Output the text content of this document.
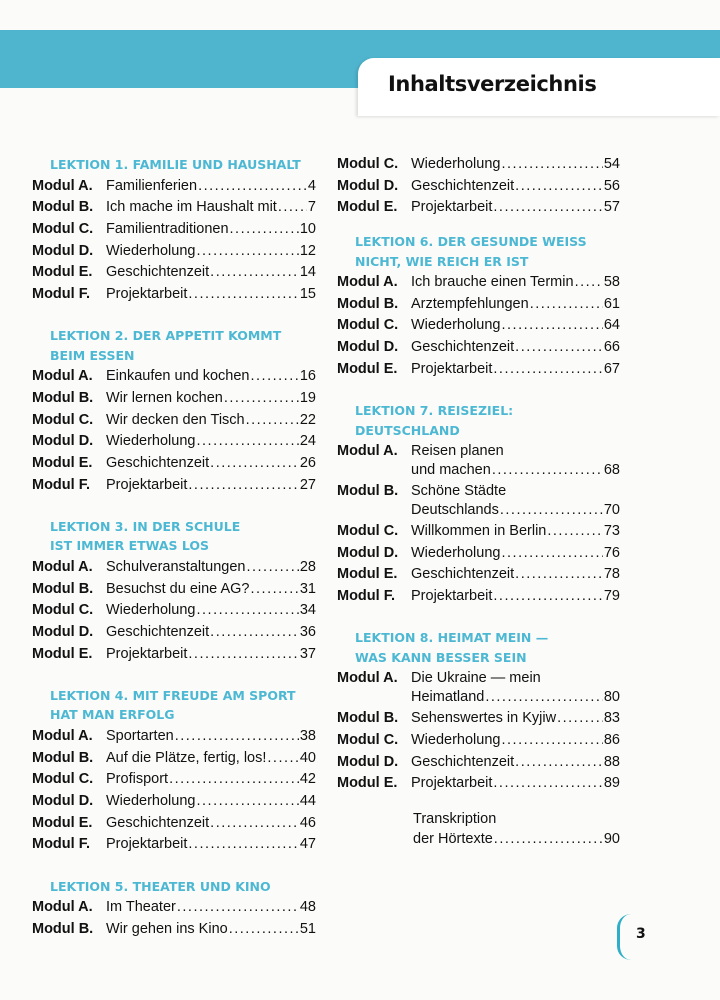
Inhaltsverzeichnis
LEKTION 1. FAMILIE UND HAUSHALT
Modul A. Familienferien .....	4
Modul B. Ich mache im Haushalt mit ..... 7
Modul C. Familientraditionen .....	10
Modul D. Wiederholung .....	12
Modul E. Geschichtenzeit .....	14
Modul F.	Projektarbeit .....	15
LEKTION 2. DER APPETIT KOMMT
BEIM ESSEN
Modul A. Einkaufen und kochen .....	16
Modul B. Wir lernen kochen .....	19
Modul C. Wir decken den Tisch .....	22
Modul D. Wiederholung .....	24
Modul E. Geschichtenzeit .....	26
Modul F.	Projektarbeit .....	27
LEKTION 3. IN DER SCHULE
IST IMMER ETWAS LOS
Modul A. Schulveranstaltungen .....	28
Modul B. Besuchst du eine AG? .....	31
Modul C. Wiederholung .....	34
Modul D. Geschichtenzeit .....	36
Modul E. Projektarbeit .....	37
LEKTION 4. MIT FREUDE AM SPORT
HAT MAN ERFOLG
Modul A. Sportarten .....	38
Modul B. Auf die Plätze, fertig, los! ..... 40
Modul C. Profisport .....	42
Modul D. Wiederholung .....	44
Modul E. Geschichtenzeit .....	46
Modul F.	Projektarbeit .....	47
LEKTION 5. THEATER UND KINO
Modul A. Im Theater .....	48
Modul B. Wir gehen ins Kino .....	51
Modul C. Wiederholung .....	54
Modul D. Geschichtenzeit .....	56
Modul E. Projektarbeit .....	57
LEKTION 6. DER GESUNDE WEISS
NICHT, WIE REICH ER IST
Modul A. Ich brauche einen Termin ..... 58
Modul B. Arztempfehlungen .....	61
Modul C. Wiederholung .....	64
Modul D. Geschichtenzeit .....	66
Modul E. Projektarbeit .....	67
LEKTION 7. REISEZIEL:
DEUTSCHLAND
Modul A. Reisen planen
und machen .....	68
Modul B. Schöne Städte
Deutschlands .....	70
Modul C. Willkommen in Berlin .....	73
Modul D. Wiederholung .....	76
Modul E. Geschichtenzeit .....	78
Modul F.	Projektarbeit .....	79
LEKTION 8. HEIMAT MEIN —
WAS KANN BESSER SEIN
Modul A. Die Ukraine — mein
Heimatland .....	80
Modul B. Sehenswertes in Kyjiw .....	83
Modul C. Wiederholung .....	86
Modul D. Geschichtenzeit .....	88
Modul E. Projektarbeit .....	89
Transkription
der Hörtexte .....	90
3
